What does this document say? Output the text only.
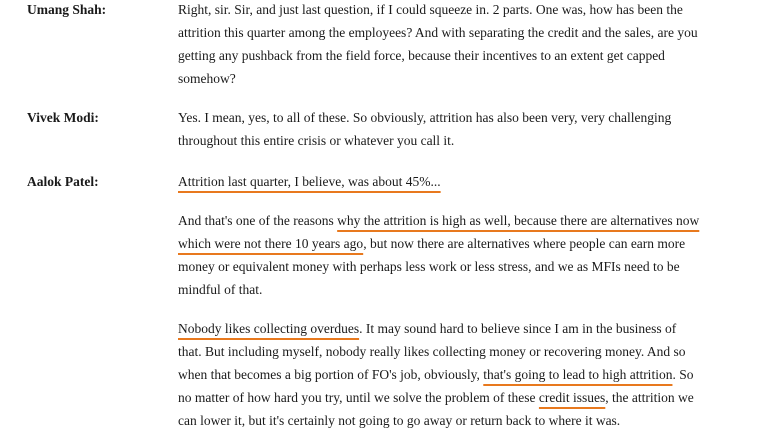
Umang Shah:	Right, sir. Sir, and just last question, if I could squeeze in. 2 parts. One was, how has been the
attrition this quarter among the employees? And with separating the credit and the sales, are you
getting any pushback from the field force, because their incentives to an extent get capped
somehow?
Vivek Modi:	Yes. I mean, yes, to all of these. So obviously, attrition has also been very, very challenging
throughout this entire crisis or whatever you call it.
Aalok Patel:	Attrition last quarter, I believe, was about 45%...
And that's one of the reasons why the attrition is high as well, because there are alternatives now
which were not there 10 years ago, but now there are alternatives where people can earn more
money or equivalent money with perhaps less work or less stress, and we as MFIs need to be
mindful of that.
Nobody likes collecting overdues. It may sound hard to believe since I am in the business of
that. But including myself, nobody really likes collecting money or recovering money. And so
when that becomes a big portion of FO's job, obviously, that's going to lead to high attrition. So
no matter of how hard you try, until we solve the problem of these credit issues, the attrition we
can lower it, but it's certainly not going to go away or return back to where it was.
